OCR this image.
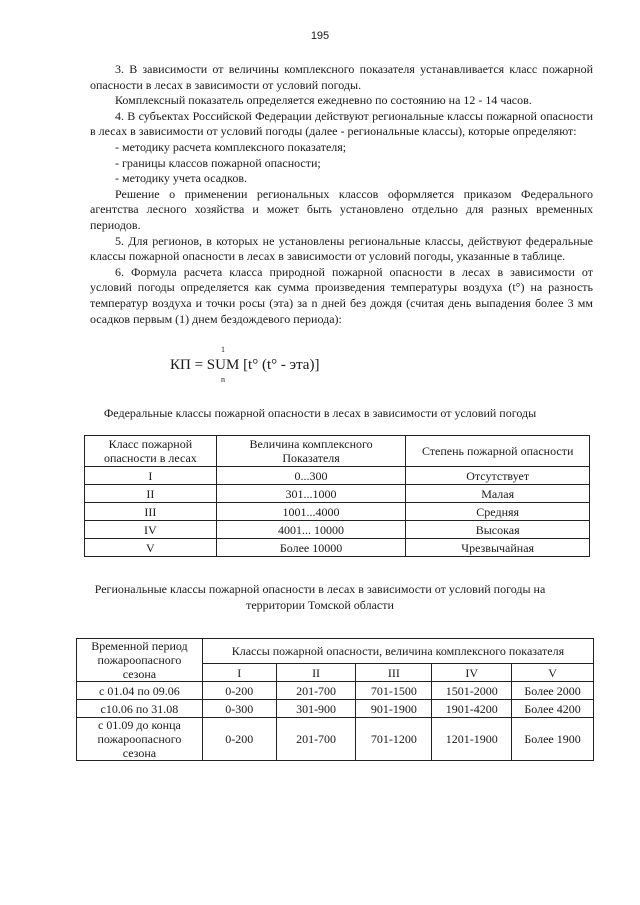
195

3. В зависимости от величины комплексного показателя устанавливается класс пожарной опасности в лесах в зависимости от условий погоды.

Комплексный показатель определяется ежедневно по состоянию на 12 - 14 часов.

4. В субъектах Российской Федерации действуют региональные классы пожарной опасности в лесах в зависимости от условий погоды (далее - региональные классы), которые определяют:

- методику расчета комплексного показателя;

- границы классов пожарной опасности;

- методику учета осадков.

Решение о применении региональных классов оформляется приказом Федерального агентства лесного хозяйства и может быть установлено отдельно для разных временных периодов.

5. Для регионов, в которых не установлены региональные классы, действуют федеральные классы пожарной опасности в лесах в зависимости от условий погоды, указанные в таблице.

6. Формула расчета класса природной пожарной опасности в лесах в зависимости от условий погоды определяется как сумма произведения температуры воздуха (t°) на разность температур воздуха и точки росы (эта) за n дней без дождя (считая день выпадения более 3 мм осадков первым (1) днем бездождевого периода):

КП = SUM
1
n
[t° (t° - эта)]
Федеральные классы пожарной опасности в лесах в зависимости от условий погоды
Класс пожарной опасности в лесах	Величина комплексного Показателя	Степень пожарной опасности
I	0...300	Отсутствует
II	301...1000	Малая
III	1001...4000	Средняя
IV	4001... 10000	Высокая
V	Более 10000	Чрезвычайная
Региональные классы пожарной опасности в лесах в зависимости от условий погоды на территории Томской области
Временной период пожароопасного сезона	Классы пожарной опасности, величина комплексного показателя				
	I	II	III	IV	V
с 01.04 по 09.06	0-200	201-700	701-1500	1501-2000	Более 2000
с10.06 по 31.08	0-300	301-900	901-1900	1901-4200	Более 4200
с 01.09 до конца пожароопасного сезона	0-200	201-700	701-1200	1201-1900	Более 1900
